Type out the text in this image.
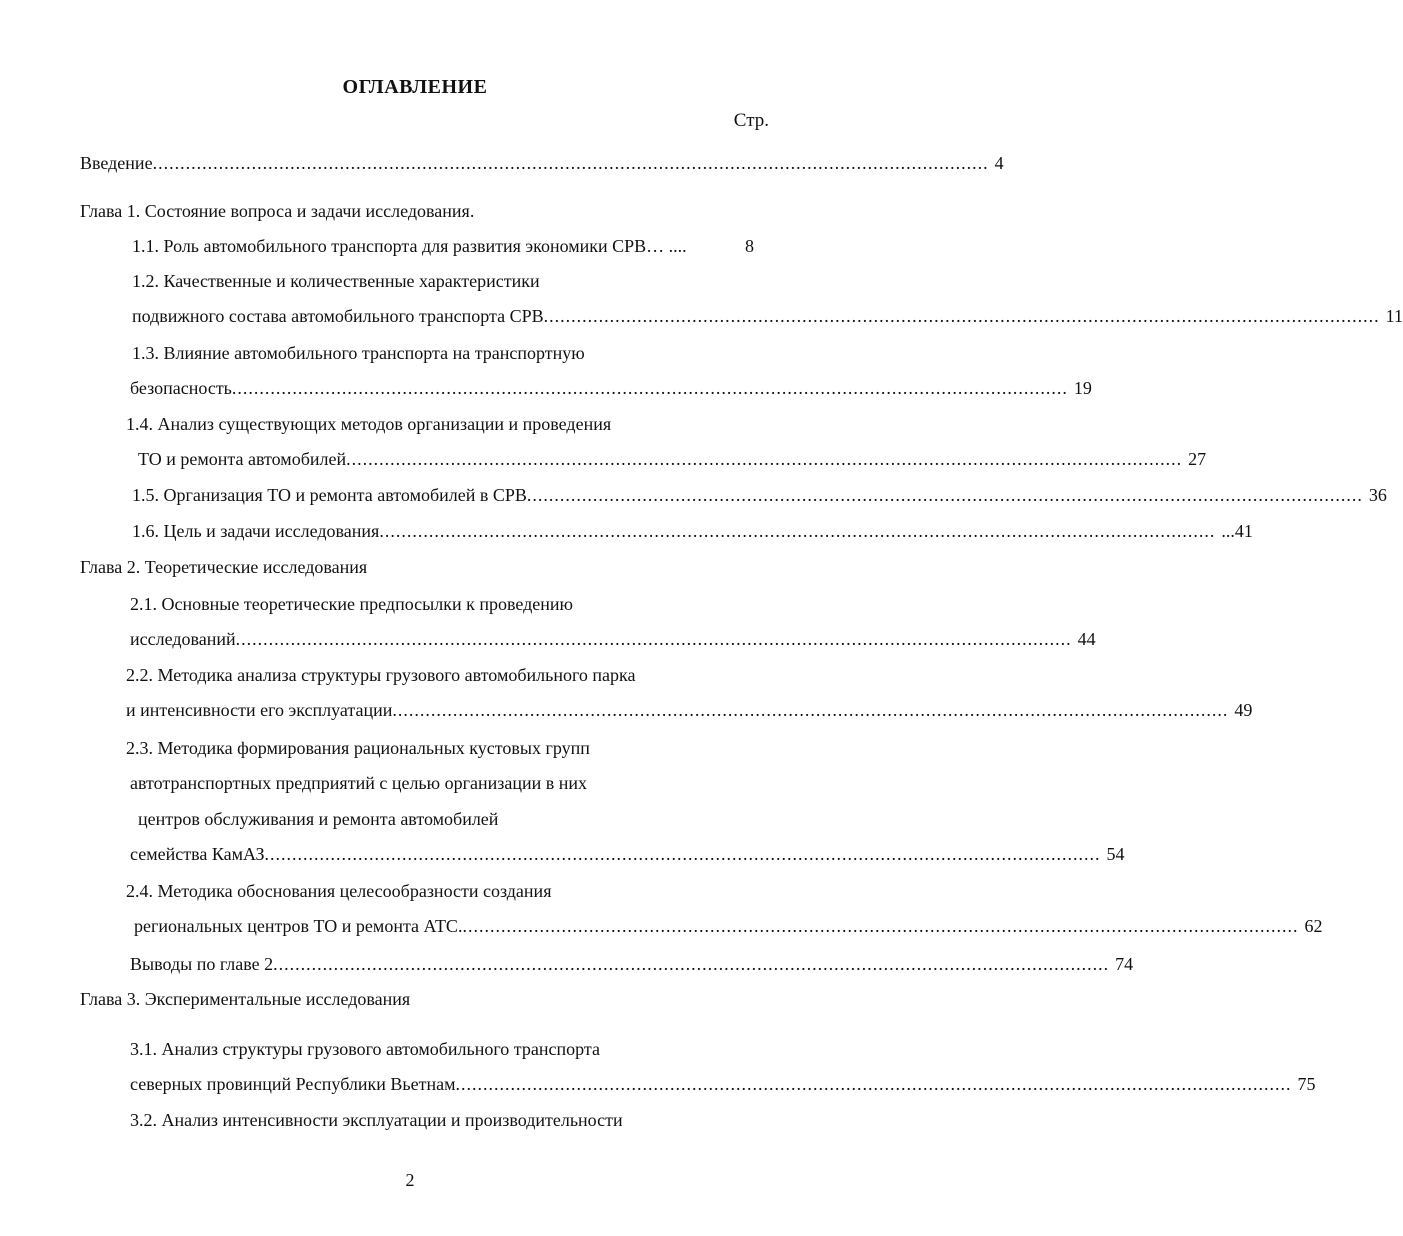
ОГЛАВЛЕНИЕ
Стр.
Введение ........................................................................................................................................................ 4
Глава 1. Состояние вопроса и задачи исследования.
1.1. Роль автомобильного транспорта для развития экономики СРВ… ....	8
1.2. Качественные и количественные характеристики
подвижного состава автомобильного транспорта СРВ ........................................................................................................................................................ 11
1.3. Влияние автомобильного транспорта на транспортную
безопасность ........................................................................................................................................................ 19
1.4. Анализ существующих методов организации и проведения
ТО и ремонта автомобилей ........................................................................................................................................................ 27
1.5. Организация ТО и ремонта автомобилей в СРВ ........................................................................................................................................................ 36
1.6. Цель и задачи исследования ........................................................................................................................................................ ...41
Глава 2. Теоретические исследования
2.1. Основные теоретические предпосылки к проведению
исследований ........................................................................................................................................................ 44
2.2. Методика анализа структуры грузового автомобильного парка
и интенсивности его эксплуатации ........................................................................................................................................................ 49
2.3. Методика формирования рациональных кустовых групп
автотранспортных предприятий с целью организации в них
центров обслуживания и ремонта автомобилей
семейства КамАЗ ........................................................................................................................................................ 54
2.4. Методика обоснования целесообразности создания
региональных центров ТО и ремонта АТС. ........................................................................................................................................................ 62
Выводы по главе 2 ........................................................................................................................................................ 74
Глава 3. Экспериментальные исследования
3.1. Анализ структуры грузового автомобильного транспорта
северных провинций Республики Вьетнам ........................................................................................................................................................ 75
3.2. Анализ интенсивности эксплуатации и производительности
2
